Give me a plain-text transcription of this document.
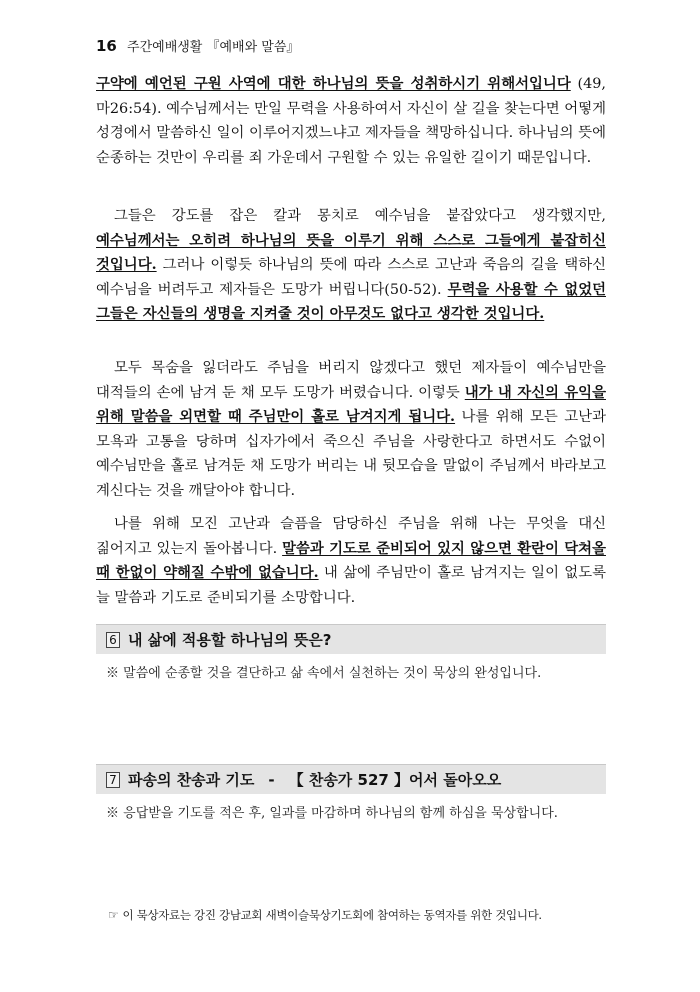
16 주간예배생활 『예배와 말씀』
구약에 예언된 구원 사역에 대한 하나님의 뜻을 성취하시기 위해서입니다 (49, 마26:54). 예수님께서는 만일 무력을 사용하여서 자신이 살 길을 찾는다면 어떻게 성경에서 말씀하신 일이 이루어지겠느냐고 제자들을 책망하십니다. 하나님의 뜻에 순종하는 것만이 우리를 죄 가운데서 구원할 수 있는 유일한 길이기 때문입니다.
그들은 강도를 잡은 칼과 몽치로 예수님을 붙잡았다고 생각했지만, 예수님께서는 오히려 하나님의 뜻을 이루기 위해 스스로 그들에게 붙잡히신 것입니다. 그러나 이렇듯 하나님의 뜻에 따라 스스로 고난과 죽음의 길을 택하신 예수님을 버려두고 제자들은 도망가 버립니다(50-52). 무력을 사용할 수 없었던 그들은 자신들의 생명을 지켜줄 것이 아무것도 없다고 생각한 것입니다.
모두 목숨을 잃더라도 주님을 버리지 않겠다고 했던 제자들이 예수님만을 대적들의 손에 남겨 둔 채 모두 도망가 버렸습니다. 이렇듯 내가 내 자신의 유익을 위해 말씀을 외면할 때 주님만이 홀로 남겨지게 됩니다. 나를 위해 모든 고난과 모욕과 고통을 당하며 십자가에서 죽으신 주님을 사랑한다고 하면서도 수없이 예수님만을 홀로 남겨둔 채 도망가 버리는 내 뒷모습을 말없이 주님께서 바라보고 계신다는 것을 깨달아야 합니다.
나를 위해 모진 고난과 슬픔을 담당하신 주님을 위해 나는 무엇을 대신 짊어지고 있는지 돌아봅니다. 말씀과 기도로 준비되어 있지 않으면 환란이 닥쳐올 때 한없이 약해질 수밖에 없습니다. 내 삶에 주님만이 홀로 남겨지는 일이 없도록 늘 말씀과 기도로 준비되기를 소망합니다.
6 내 삶에 적용할 하나님의 뜻은?
※ 말씀에 순종할 것을 결단하고 삶 속에서 실천하는 것이 묵상의 완성입니다.
7 파송의 찬송과 기도 - 【 찬송가 527 】어서 돌아오오
※ 응답받을 기도를 적은 후, 일과를 마감하며 하나님의 함께 하심을 묵상합니다.
☞ 이 묵상자료는 강진 강남교회 새벽이슬묵상기도회에 참여하는 동역자를 위한 것입니다.
